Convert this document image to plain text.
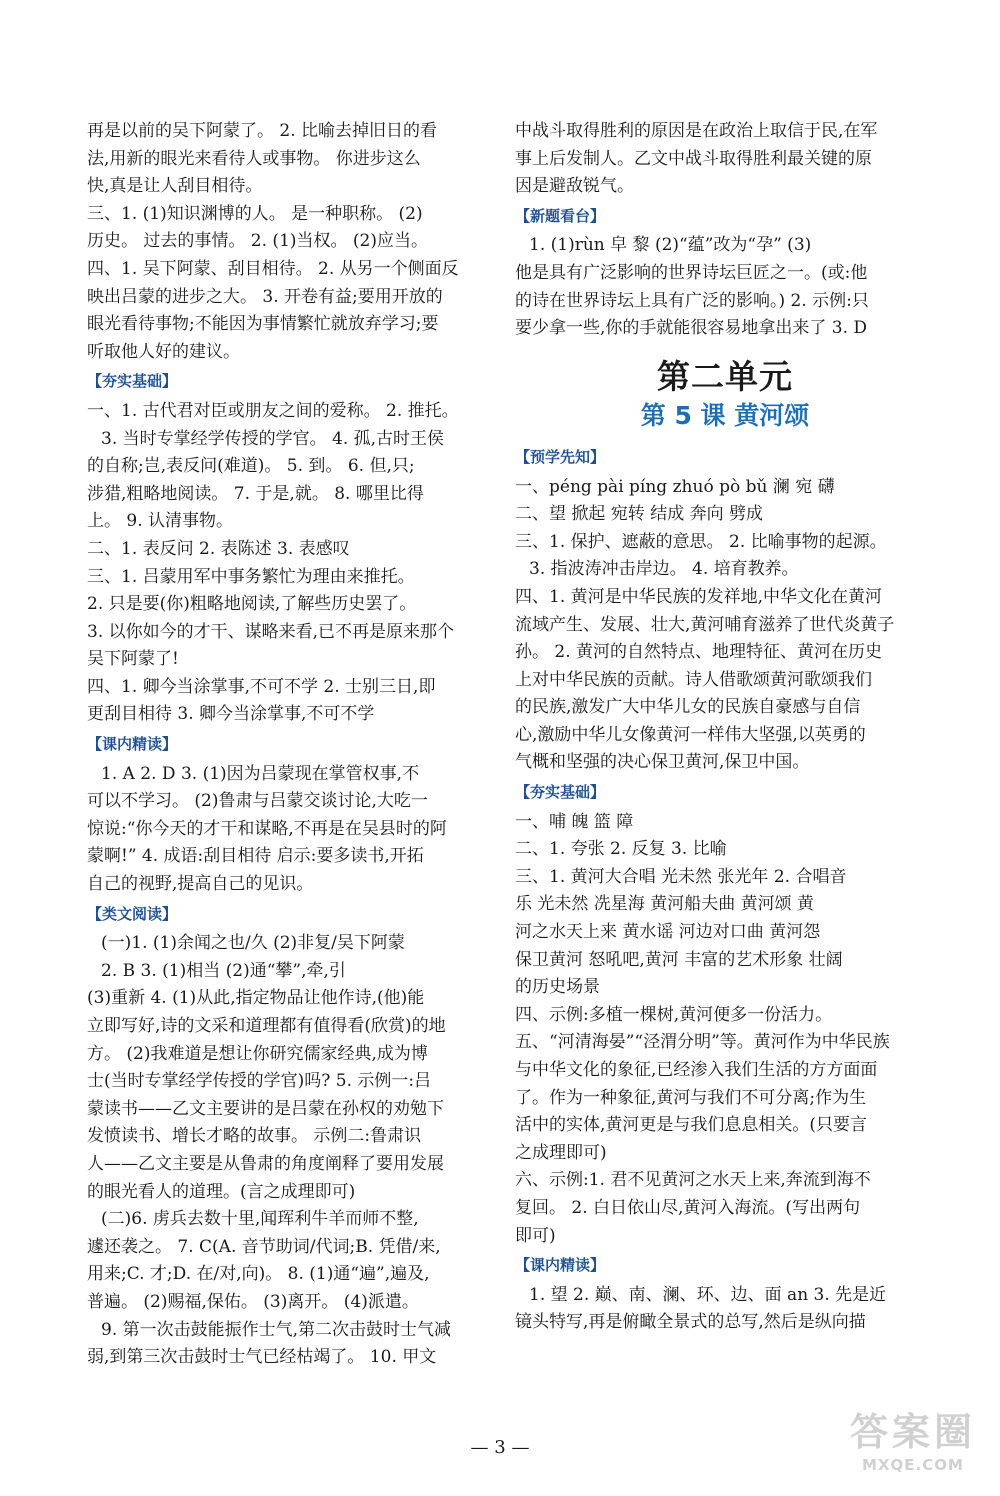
再是以前的吴下阿蒙了。 2. 比喻去掉旧日的看
法,用新的眼光来看待人或事物。 你进步这么
快,真是让人刮目相待。
三、1. (1)知识渊博的人。 是一种职称。 (2)
历史。 过去的事情。 2. (1)当权。 (2)应当。
四、1. 吴下阿蒙、刮目相待。 2. 从另一个侧面反
映出吕蒙的进步之大。 3. 开卷有益;要用开放的
眼光看待事物;不能因为事情繁忙就放弃学习;要
听取他人好的建议。
【夯实基础】
一、1. 古代君对臣或朋友之间的爱称。 2. 推托。
3. 当时专掌经学传授的学官。 4. 孤,古时王侯
的自称;岂,表反问(难道)。 5. 到。 6. 但,只;
涉猎,粗略地阅读。 7. 于是,就。 8. 哪里比得
上。 9. 认清事物。
二、1. 表反问 2. 表陈述 3. 表感叹
三、1. 吕蒙用军中事务繁忙为理由来推托。
2. 只是要(你)粗略地阅读,了解些历史罢了。
3. 以你如今的才干、谋略来看,已不再是原来那个
吴下阿蒙了!
四、1. 卿今当涂掌事,不可不学 2. 士别三日,即
更刮目相待 3. 卿今当涂掌事,不可不学
【课内精读】
1. A 2. D 3. (1)因为吕蒙现在掌管权事,不
可以不学习。 (2)鲁肃与吕蒙交谈讨论,大吃一
惊说:“你今天的才干和谋略,不再是在吴县时的阿
蒙啊!” 4. 成语:刮目相待 启示:要多读书,开拓
自己的视野,提高自己的见识。
【类文阅读】
(一)1. (1)余闻之也/久 (2)非复/吴下阿蒙
2. B 3. (1)相当 (2)通“攀”,牵,引
(3)重新 4. (1)从此,指定物品让他作诗,(他)能
立即写好,诗的文采和道理都有值得看(欣赏)的地
方。 (2)我难道是想让你研究儒家经典,成为博
士(当时专掌经学传授的学官)吗? 5. 示例一:吕
蒙读书——乙文主要讲的是吕蒙在孙权的劝勉下
发愤读书、增长才略的故事。 示例二:鲁肃识
人——乙文主要是从鲁肃的角度阐释了要用发展
的眼光看人的道理。(言之成理即可)
(二)6. 虏兵去数十里,闻珲利牛羊而师不整,
遽还袭之。 7. C(A. 音节助词/代词;B. 凭借/来,
用来;C. 才;D. 在/对,向)。 8. (1)通“遍”,遍及,
普遍。 (2)赐福,保佑。 (3)离开。 (4)派遣。
9. 第一次击鼓能振作士气,第二次击鼓时士气减
弱,到第三次击鼓时士气已经枯竭了。 10. 甲文
中战斗取得胜利的原因是在政治上取信于民,在军
事上后发制人。乙文中战斗取得胜利最关键的原
因是避敌锐气。
【新题看台】
1. (1)rùn 皁 黎 (2)“蕴”改为“孕” (3)
他是具有广泛影响的世界诗坛巨匠之一。(或:他
的诗在世界诗坛上具有广泛的影响。) 2. 示例:只
要少拿一些,你的手就能很容易地拿出来了 3. D
第二单元
第 5 课 黄河颂
【预学先知】
一、péng pài píng zhuó pò bǔ 澜 宛 礴
二、望 掀起 宛转 结成 奔向 劈成
三、1. 保护、遮蔽的意思。 2. 比喻事物的起源。
3. 指波涛冲击岸边。 4. 培育教养。
四、1. 黄河是中华民族的发祥地,中华文化在黄河
流域产生、发展、壮大,黄河哺育滋养了世代炎黄子
孙。 2. 黄河的自然特点、地理特征、黄河在历史
上对中华民族的贡献。诗人借歌颂黄河歌颂我们
的民族,激发广大中华儿女的民族自豪感与自信
心,激励中华儿女像黄河一样伟大坚强,以英勇的
气概和坚强的决心保卫黄河,保卫中国。
【夯实基础】
一、哺 魄 篮 障
二、1. 夸张 2. 反复 3. 比喻
三、1. 黄河大合唱 光未然 张光年 2. 合唱音
乐 光未然 冼星海 黄河船夫曲 黄河颂 黄
河之水天上来 黄水谣 河边对口曲 黄河怨
保卫黄河 怒吼吧,黄河 丰富的艺术形象 壮阔
的历史场景
四、示例:多植一棵树,黄河便多一份活力。
五、“河清海晏”“泾渭分明”等。黄河作为中华民族
与中华文化的象征,已经渗入我们生活的方方面面
了。作为一种象征,黄河与我们不可分离;作为生
活中的实体,黄河更是与我们息息相关。(只要言
之成理即可)
六、示例:1. 君不见黄河之水天上来,奔流到海不
复回。 2. 白日依山尽,黄河入海流。(写出两句
即可)
【课内精读】
1. 望 2. 巅、南、澜、环、边、面 an 3. 先是近
镜头特写,再是俯瞰全景式的总写,然后是纵向描
— 3 —	答案圈
MXQE.COM
